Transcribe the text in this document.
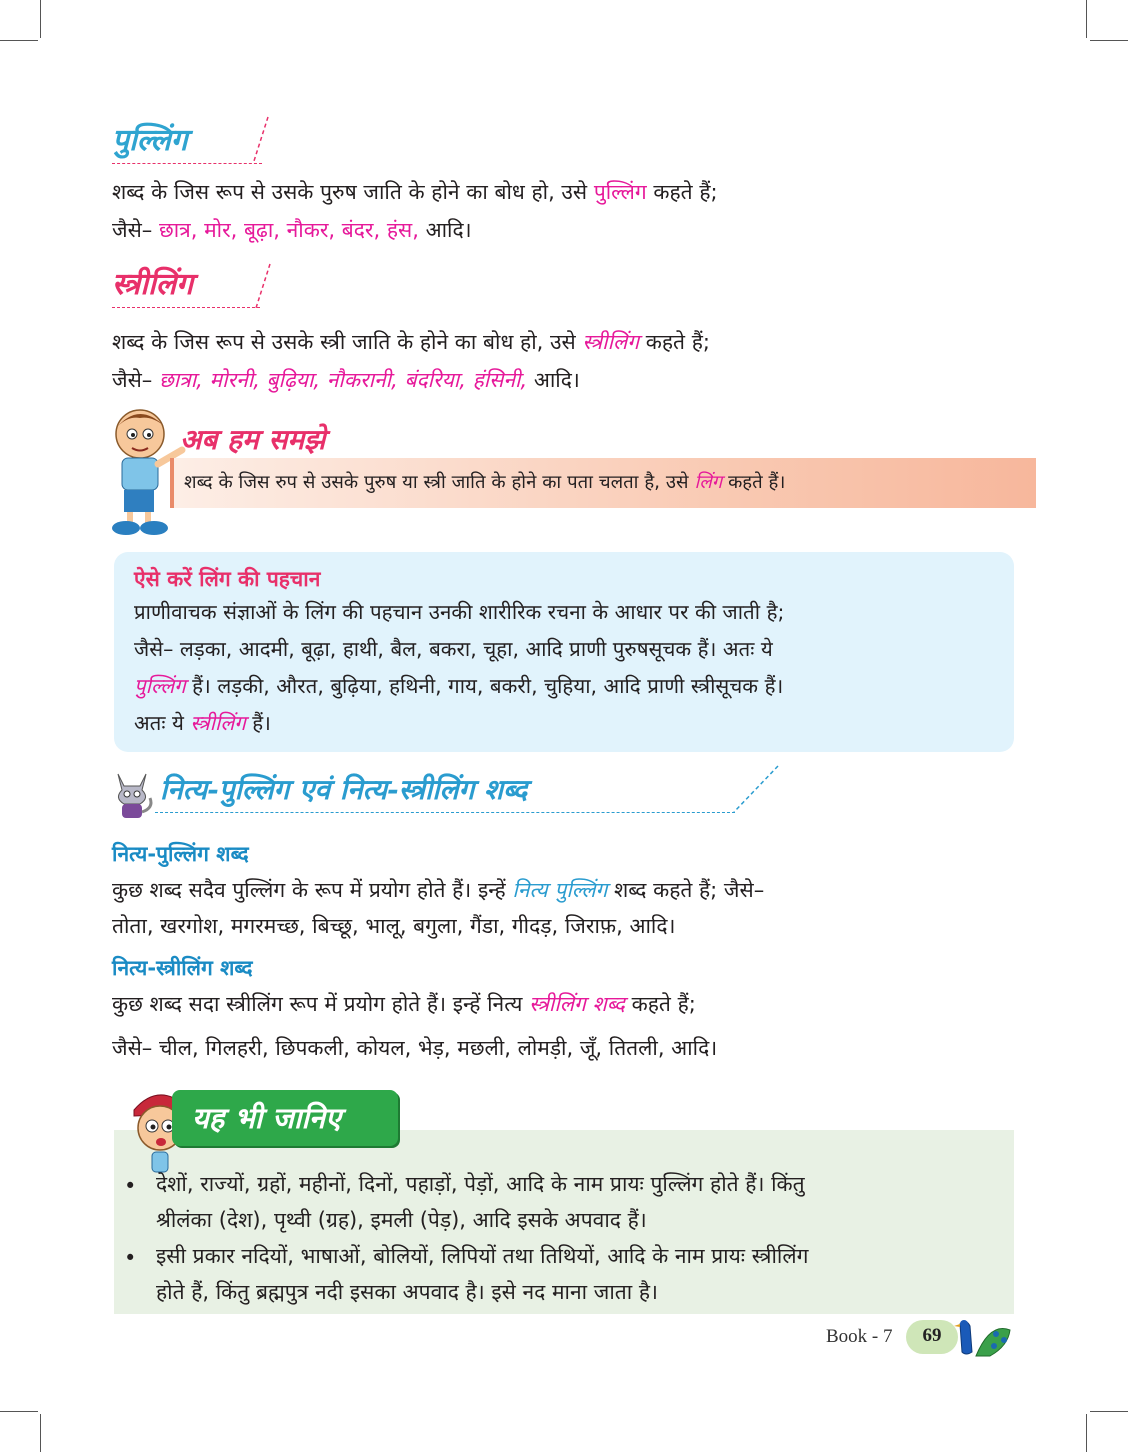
पुल्लिंग
शब्द के जिस रूप से उसके पुरुष जाति के होने का बोध हो, उसे पुल्लिंग कहते हैं;
जैसे– छात्र, मोर, बूढ़ा, नौकर, बंदर, हंस, आदि।
स्त्रीलिंग
शब्द के जिस रूप से उसके स्त्री जाति के होने का बोध हो, उसे स्त्रीलिंग कहते हैं;
जैसे– छात्रा, मोरनी, बुढ़िया, नौकरानी, बंदरिया, हंसिनी, आदि।
अब हम समझे
शब्द के जिस रुप से उसके पुरुष या स्त्री जाति के होने का पता चलता है, उसे लिंग कहते हैं।
ऐसे करें लिंग की पहचान
प्राणीवाचक संज्ञाओं के लिंग की पहचान उनकी शारीरिक रचना के आधार पर की जाती है;
जैसे– लड़का, आदमी, बूढ़ा, हाथी, बैल, बकरा, चूहा, आदि प्राणी पुरुषसूचक हैं। अतः ये
पुल्लिंग हैं। लड़की, औरत, बुढ़िया, हथिनी, गाय, बकरी, चुहिया, आदि प्राणी स्त्रीसूचक हैं।
अतः ये स्त्रीलिंग हैं।
नित्य-पुल्लिंग एवं नित्य-स्त्रीलिंग शब्द
नित्य-पुल्लिंग शब्द
कुछ शब्द सदैव पुल्लिंग के रूप में प्रयोग होते हैं। इन्हें नित्य पुल्लिंग शब्द कहते हैं; जैसे–
तोता, खरगोश, मगरमच्छ, बिच्छू, भालू, बगुला, गैंडा, गीदड़, जिराफ़, आदि।
नित्य-स्त्रीलिंग शब्द
कुछ शब्द सदा स्त्रीलिंग रूप में प्रयोग होते हैं। इन्हें नित्य स्त्रीलिंग शब्द कहते हैं;
जैसे– चील, गिलहरी, छिपकली, कोयल, भेड़, मछली, लोमड़ी, जूँ, तितली, आदि।
यह भी जानिए
• देशों, राज्यों, ग्रहों, महीनों, दिनों, पहाड़ों, पेड़ों, आदि के नाम प्रायः पुल्लिंग होते हैं। किंतु
श्रीलंका (देश), पृथ्वी (ग्रह), इमली (पेड़), आदि इसके अपवाद हैं।
• इसी प्रकार नदियों, भाषाओं, बोलियों, लिपियों तथा तिथियों, आदि के नाम प्रायः स्त्रीलिंग
होते हैं, किंतु ब्रह्मपुत्र नदी इसका अपवाद है। इसे नद माना जाता है।
Book - 7	69
